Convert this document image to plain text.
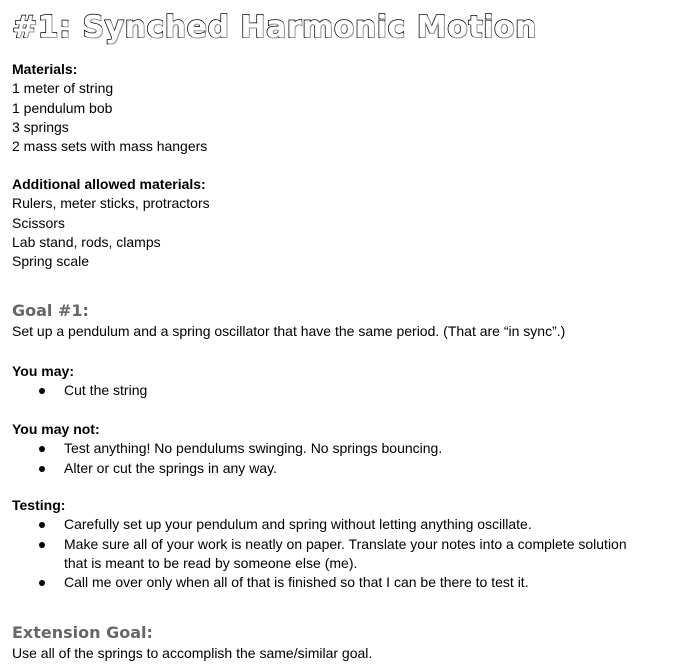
#1: Synched Harmonic Motion
Materials:
1 meter of string
1 pendulum bob
3 springs
2 mass sets with mass hangers
Additional allowed materials:
Rulers, meter sticks, protractors
Scissors
Lab stand, rods, clamps
Spring scale
Goal #1:
Set up a pendulum and a spring oscillator that have the same period. (That are “in sync”.)
You may:
Cut the string
You may not:
Test anything! No pendulums swinging. No springs bouncing.
Alter or cut the springs in any way.
Testing:
Carefully set up your pendulum and spring without letting anything oscillate.
Make sure all of your work is neatly on paper. Translate your notes into a complete solution that is meant to be read by someone else (me).
Call me over only when all of that is finished so that I can be there to test it.
Extension Goal:
Use all of the springs to accomplish the same/similar goal.
